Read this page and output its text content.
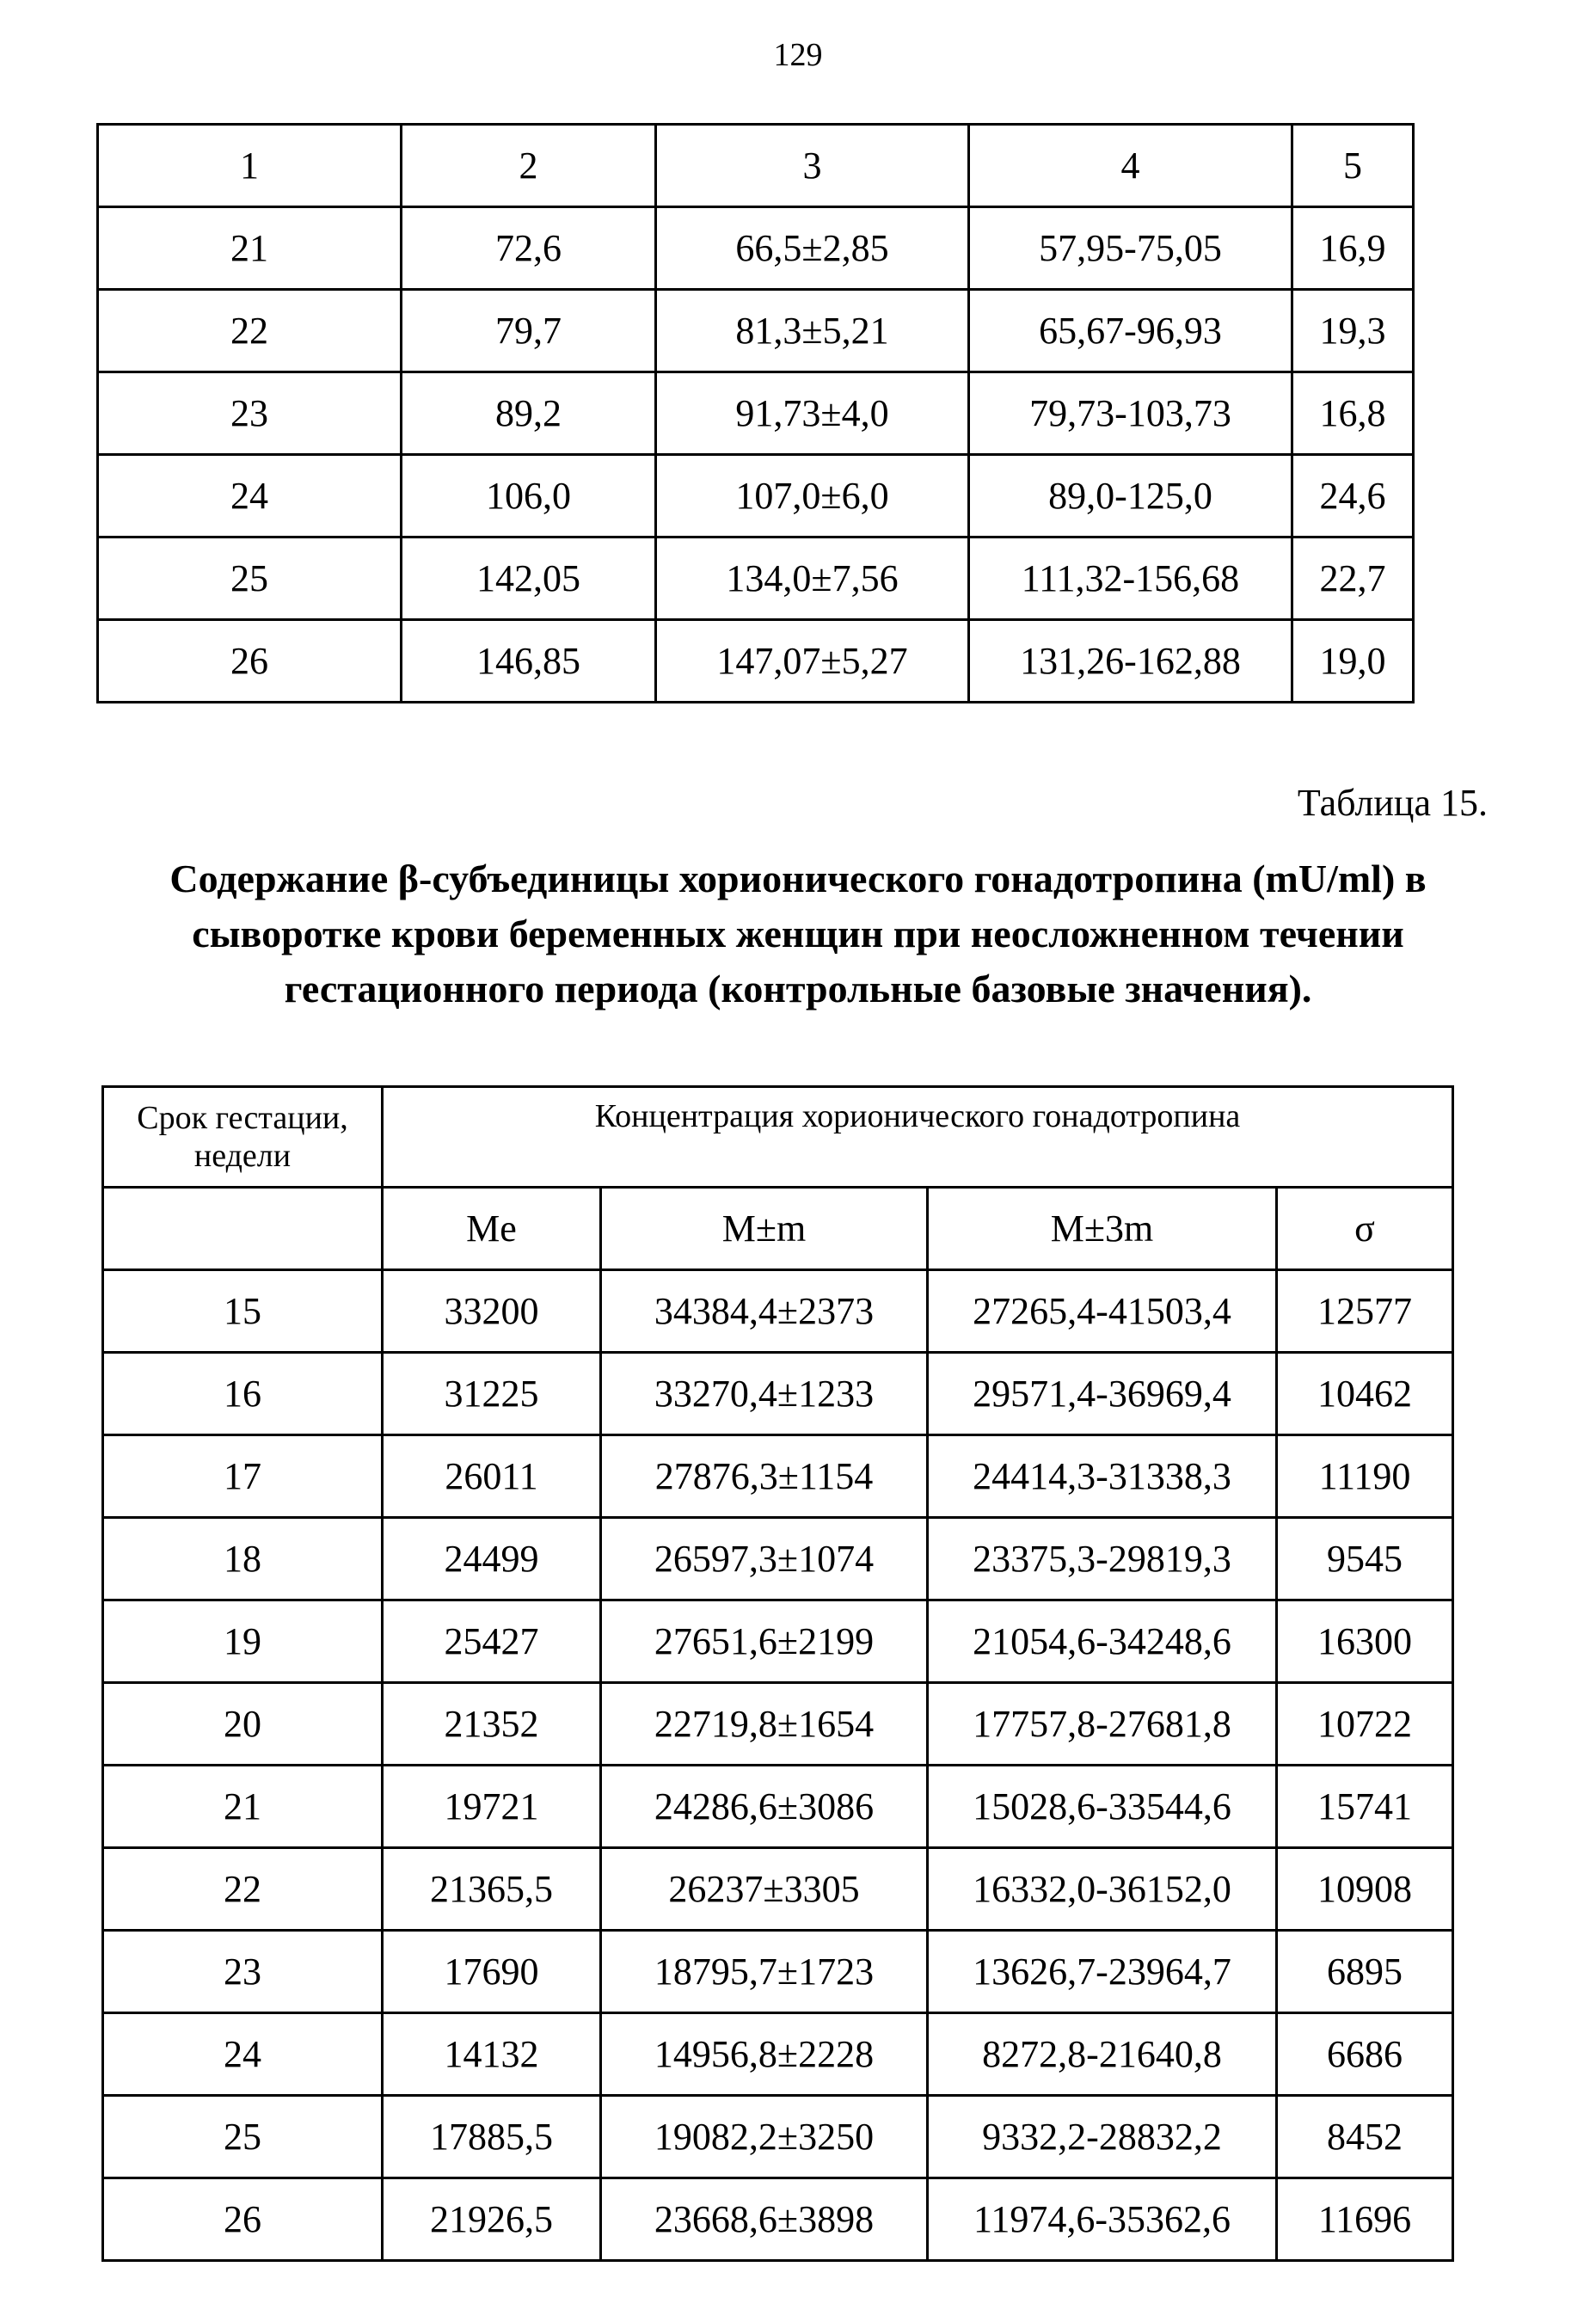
129
1	2	3	4	5
21	72,6	66,5±2,85	57,95-75,05	16,9
22	79,7	81,3±5,21	65,67-96,93	19,3
23	89,2	91,73±4,0	79,73-103,73	16,8
24	106,0	107,0±6,0	89,0-125,0	24,6
25	142,05	134,0±7,56	111,32-156,68	22,7
26	146,85	147,07±5,27	131,26-162,88	19,0
Таблица 15.
Содержание β-субъединицы хорионического гонадотропина (mU/ml) в сыворотке крови беременных женщин при неосложненном течении гестационного периода (контрольные базовые значения).
Срок гестации, недели	Концентрация хорионического гонадотропина			
	Me	M±m	M±3m	σ
15	33200	34384,4±2373	27265,4-41503,4	12577
16	31225	33270,4±1233	29571,4-36969,4	10462
17	26011	27876,3±1154	24414,3-31338,3	11190
18	24499	26597,3±1074	23375,3-29819,3	9545
19	25427	27651,6±2199	21054,6-34248,6	16300
20	21352	22719,8±1654	17757,8-27681,8	10722
21	19721	24286,6±3086	15028,6-33544,6	15741
22	21365,5	26237±3305	16332,0-36152,0	10908
23	17690	18795,7±1723	13626,7-23964,7	6895
24	14132	14956,8±2228	8272,8-21640,8	6686
25	17885,5	19082,2±3250	9332,2-28832,2	8452
26	21926,5	23668,6±3898	11974,6-35362,6	11696
